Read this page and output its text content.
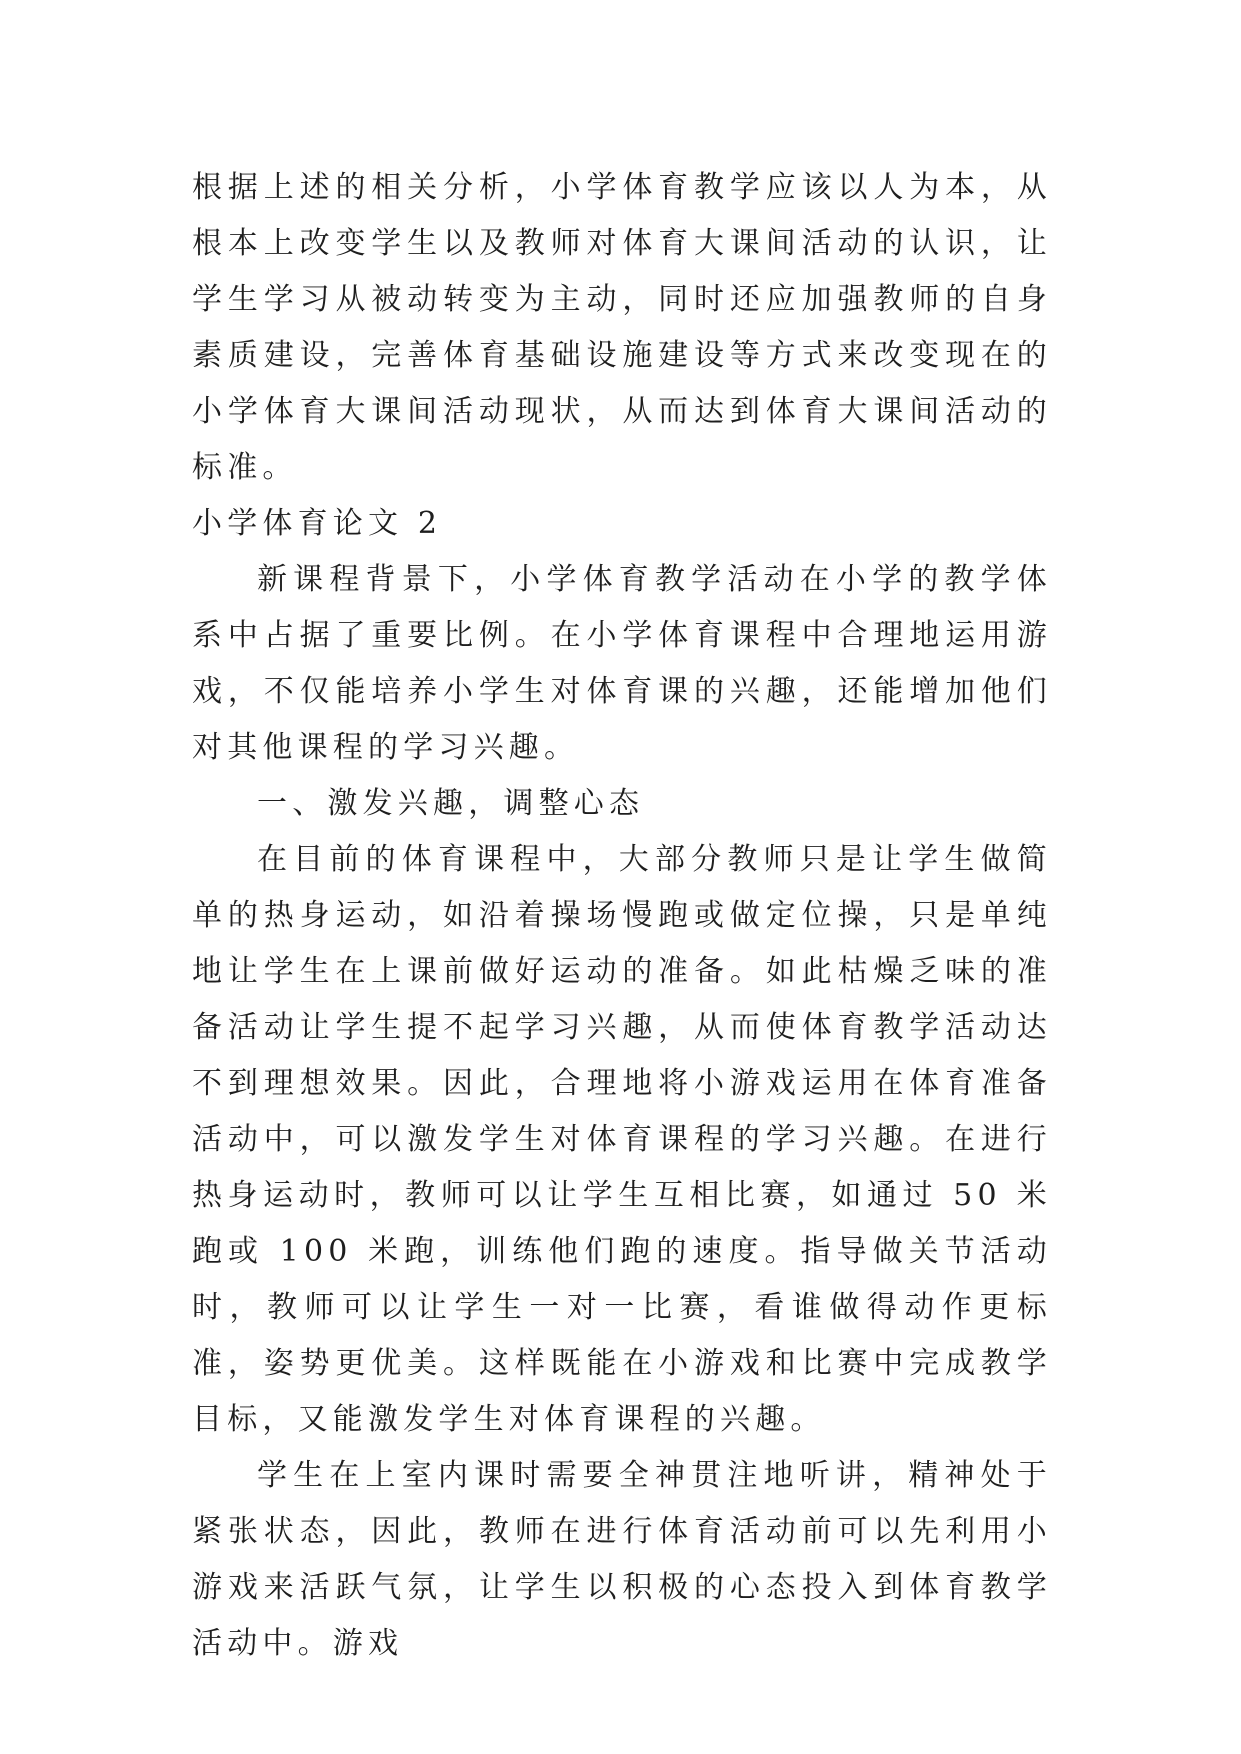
根据上述的相关分析，小学体育教学应该以人为本，从根本上改变学生以及教师对体育大课间活动的认识，让学生学习从被动转变为主动，同时还应加强教师的自身素质建设，完善体育基础设施建设等方式来改变现在的小学体育大课间活动现状，从而达到体育大课间活动的标准。

小学体育论文 2

新课程背景下，小学体育教学活动在小学的教学体系中占据了重要比例。在小学体育课程中合理地运用游戏，不仅能培养小学生对体育课的兴趣，还能增加他们对其他课程的学习兴趣。

一、激发兴趣，调整心态

在目前的体育课程中，大部分教师只是让学生做简单的热身运动，如沿着操场慢跑或做定位操，只是单纯地让学生在上课前做好运动的准备。如此枯燥乏味的准备活动让学生提不起学习兴趣，从而使体育教学活动达不到理想效果。因此，合理地将小游戏运用在体育准备活动中，可以激发学生对体育课程的学习兴趣。在进行热身运动时，教师可以让学生互相比赛，如通过 50 米跑或 100 米跑，训练他们跑的速度。指导做关节活动时，教师可以让学生一对一比赛，看谁做得动作更标准，姿势更优美。这样既能在小游戏和比赛中完成教学目标，又能激发学生对体育课程的兴趣。

学生在上室内课时需要全神贯注地听讲，精神处于紧张状态，因此，教师在进行体育活动前可以先利用小游戏来活跃气氛，让学生以积极的心态投入到体育教学活动中。游戏
